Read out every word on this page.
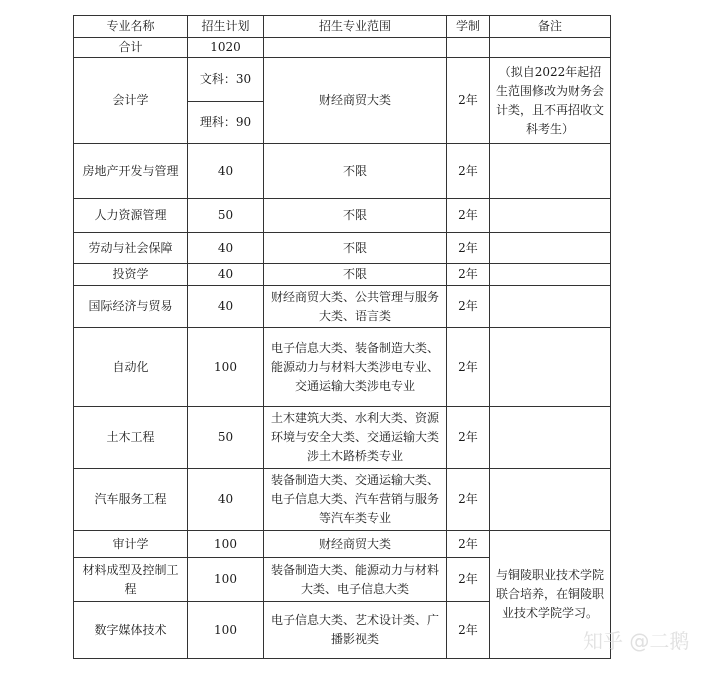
专业名称	招生计划	招生专业范围	学制	备注
合计	1020			
会计学	文科：30	财经商贸大类	2年	（拟自2022年起招生范围修改为财务会计类，且不再招收文科考生）
	理科：90			
房地产开发与管理	40	不限	2年	
人力资源管理	50	不限	2年	
劳动与社会保障	40	不限	2年	
投资学	40	不限	2年	
国际经济与贸易	40	财经商贸大类、公共管理与服务大类、语言类	2年	
自动化	100	电子信息大类、装备制造大类、能源动力与材料大类涉电专业、交通运输大类涉电专业	2年	
土木工程	50	土木建筑大类、水利大类、资源环境与安全大类、交通运输大类涉土木路桥类专业	2年	
汽车服务工程	40	装备制造大类、交通运输大类、电子信息大类、汽车营销与服务等汽车类专业	2年	
审计学	100	财经商贸大类	2年	与铜陵职业技术学院联合培养，在铜陵职业技术学院学习。
材料成型及控制工程	100	装备制造大类、能源动力与材料大类、电子信息大类	2年	
数字媒体技术	100	电子信息大类、艺术设计类、广播影视类	2年		知乎 @二鹅
